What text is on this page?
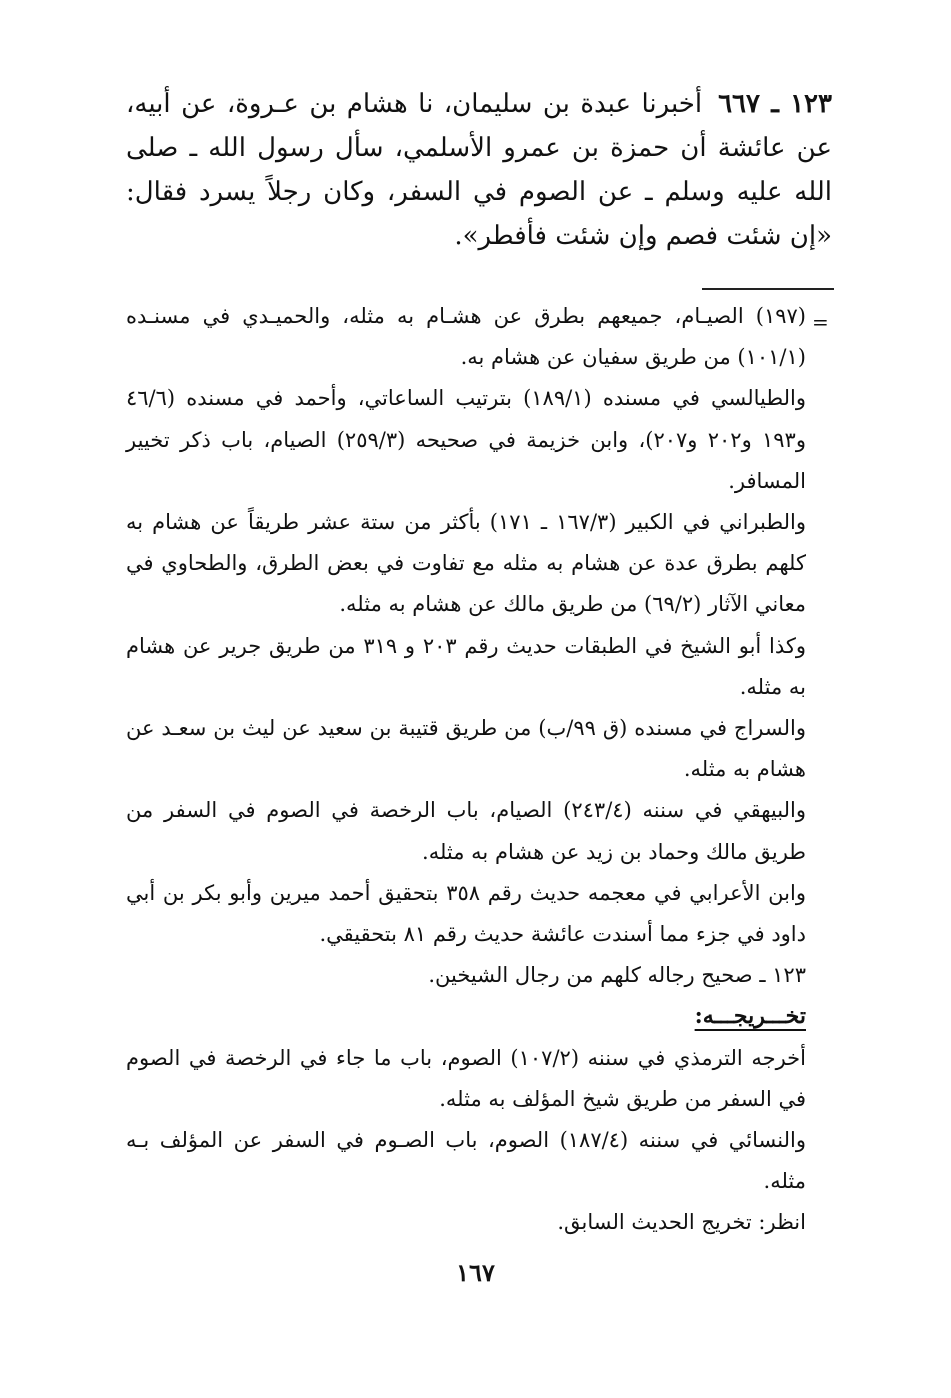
١٢٣ ـ ٦٦٧أخبرنا عبدة بن سليمان، نا هشام بن عـروة، عن أبيه، عن عائشة أن حمزة بن عمرو الأسلمي، سأل رسول الله ـ صلى الله عليه وسلم ـ عن الصوم في السفر، وكان رجلاً يسرد فقال: «إن شئت فصم وإن شئت فأفطر».
=

(١٩٧) الصيـام، جميعهم بطرق عن هشـام به مثله، والحميـدي في مسنـده (١٠١/١) من طريق سفيان عن هشام به.

والطيالسي في مسنده (١٨٩/١) بترتيب الساعاتي، وأحمد في مسنده (٤٦/٦ و١٩٣ و٢٠٢ و٢٠٧)، وابن خزيمة في صحيحه (٢٥٩/٣) الصيام، باب ذكر تخيير المسافر.

والطبراني في الكبير (١٦٧/٣ ـ ١٧١) بأكثر من ستة عشر طريقاً عن هشام به كلهم بطرق عدة عن هشام به مثله مع تفاوت في بعض الطرق، والطحاوي في معاني الآثار (٦٩/٢) من طريق مالك عن هشام به مثله.

وكذا أبو الشيخ في الطبقات حديث رقم ٢٠٣ و ٣١٩ من طريق جرير عن هشام به مثله.

والسراج في مسنده (ق ٩٩/ب) من طريق قتيبة بن سعيد عن ليث بن سعـد عن هشام به مثله.

والبيهقي في سننه (٢٤٣/٤) الصيام، باب الرخصة في الصوم في السفر من طريق مالك وحماد بن زيد عن هشام به مثله.

وابن الأعرابي في معجمه حديث رقم ٣٥٨ بتحقيق أحمد ميرين وأبو بكر بن أبي داود في جزء مما أسندت عائشة حديث رقم ٨١ بتحقيقي.

١٢٣ ـ صحيح رجاله كلهم من رجال الشيخين.

تخـــريجـــه:

أخرجه الترمذي في سننه (١٠٧/٢) الصوم، باب ما جاء في الرخصة في الصوم في السفر من طريق شيخ المؤلف به مثله.

والنسائي في سننه (١٨٧/٤) الصوم، باب الصـوم في السفر عن المؤلف بـه مثله.

انظر: تخريج الحديث السابق.

١٦٧
